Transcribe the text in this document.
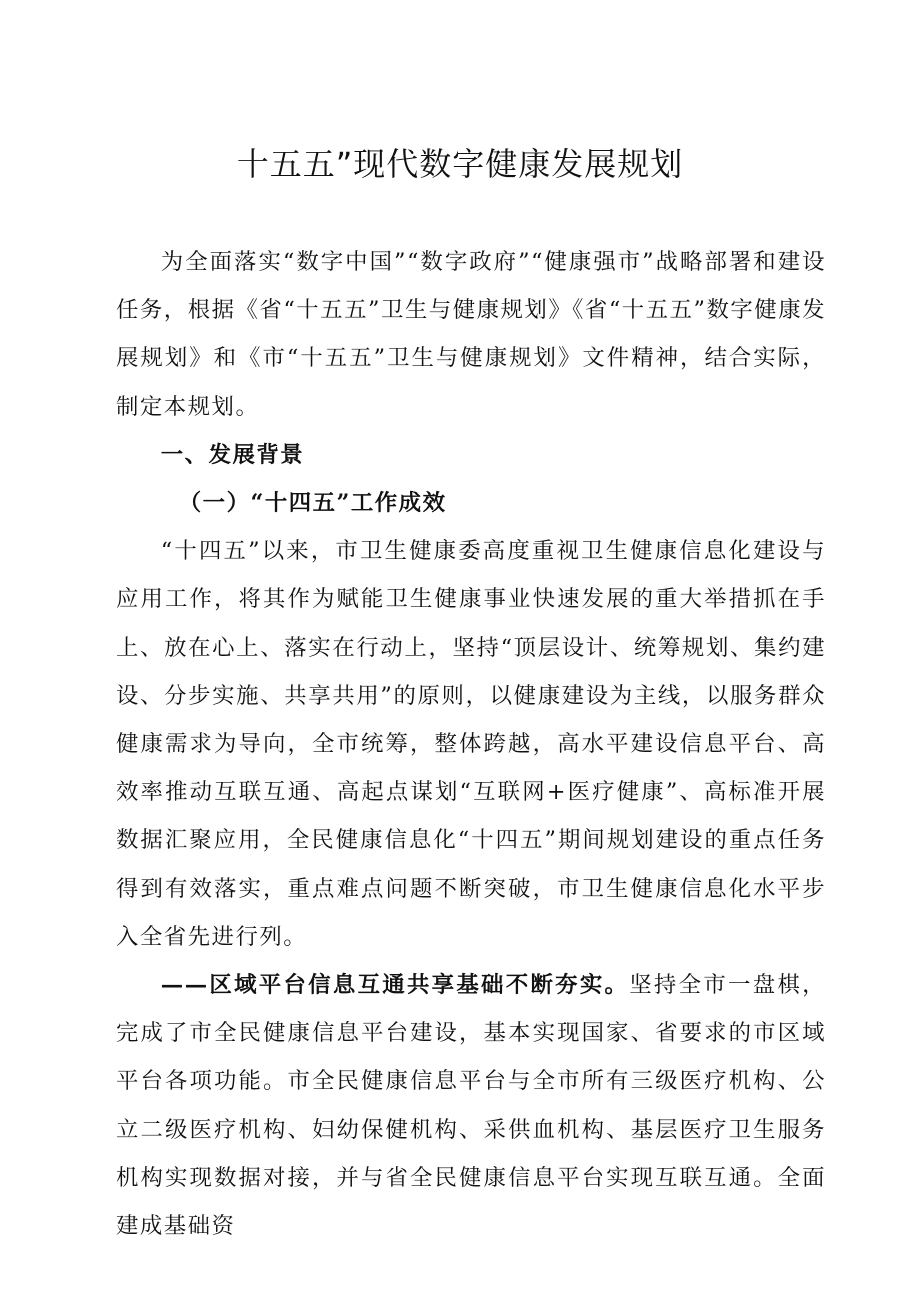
十五五”现代数字健康发展规划

为全面落实“数字中国”“数字政府”“健康强市”战略部署和建设任务，根据《省“十五五”卫生与健康规划》《省“十五五”数字健康发展规划》和《市“十五五”卫生与健康规划》文件精神，结合实际，制定本规划。

一、发展背景

（一）“十四五”工作成效

“十四五”以来，市卫生健康委高度重视卫生健康信息化建设与应用工作，将其作为赋能卫生健康事业快速发展的重大举措抓在手上、放在心上、落实在行动上，坚持“顶层设计、统筹规划、集约建设、分步实施、共享共用”的原则，以健康建设为主线，以服务群众健康需求为导向，全市统筹，整体跨越，高水平建设信息平台、高效率推动互联互通、高起点谋划“互联网+医疗健康”、高标准开展数据汇聚应用，全民健康信息化“十四五”期间规划建设的重点任务得到有效落实，重点难点问题不断突破，市卫生健康信息化水平步入全省先进行列。

——区域平台信息互通共享基础不断夯实。坚持全市一盘棋，完成了市全民健康信息平台建设，基本实现国家、省要求的市区域平台各项功能。市全民健康信息平台与全市所有三级医疗机构、公立二级医疗机构、妇幼保健机构、采供血机构、基层医疗卫生服务机构实现数据对接，并与省全民健康信息平台实现互联互通。全面建成基础资
